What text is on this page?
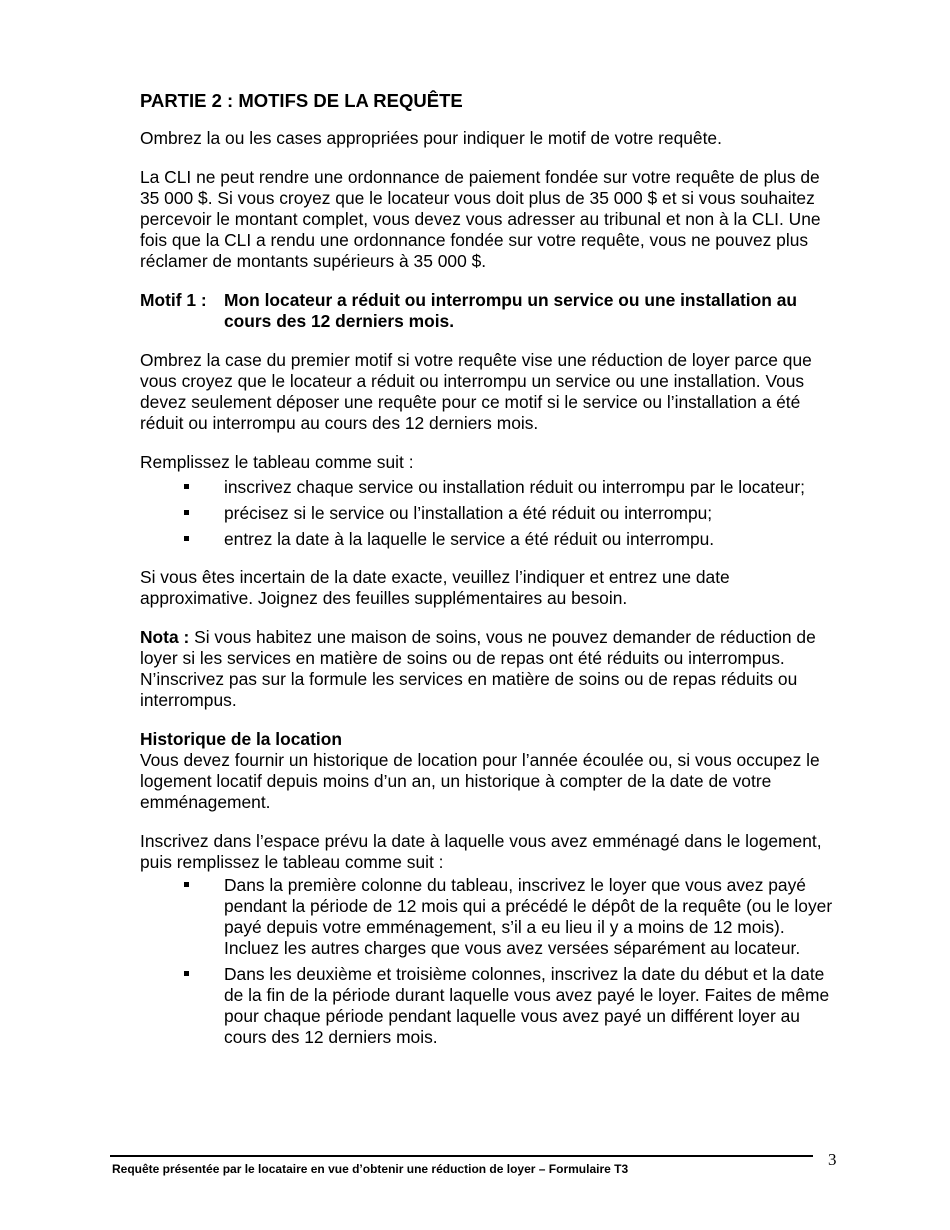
PARTIE 2 : MOTIFS DE LA REQUÊTE

Ombrez la ou les cases appropriées pour indiquer le motif de votre requête.

La CLI ne peut rendre une ordonnance de paiement fondée sur votre requête de plus de 35 000 $. Si vous croyez que le locateur vous doit plus de 35 000 $ et si vous souhaitez percevoir le montant complet, vous devez vous adresser au tribunal et non à la CLI. Une fois que la CLI a rendu une ordonnance fondée sur votre requête, vous ne pouvez plus réclamer de montants supérieurs à 35 000 $.

Motif 1 : Mon locateur a réduit ou interrompu un service ou une installation au cours des 12 derniers mois.

Ombrez la case du premier motif si votre requête vise une réduction de loyer parce que vous croyez que le locateur a réduit ou interrompu un service ou une installation. Vous devez seulement déposer une requête pour ce motif si le service ou l’installation a été réduit ou interrompu au cours des 12 derniers mois.

Remplissez le tableau comme suit :

inscrivez chaque service ou installation réduit ou interrompu par le locateur;
précisez si le service ou l’installation a été réduit ou interrompu;
entrez la date à la laquelle le service a été réduit ou interrompu.

Si vous êtes incertain de la date exacte, veuillez l’indiquer et entrez une date approximative. Joignez des feuilles supplémentaires au besoin.

Nota : Si vous habitez une maison de soins, vous ne pouvez demander de réduction de loyer si les services en matière de soins ou de repas ont été réduits ou interrompus. N’inscrivez pas sur la formule les services en matière de soins ou de repas réduits ou interrompus.

Historique de la location

Vous devez fournir un historique de location pour l’année écoulée ou, si vous occupez le logement locatif depuis moins d’un an, un historique à compter de la date de votre emménagement.

Inscrivez dans l’espace prévu la date à laquelle vous avez emménagé dans le logement, puis remplissez le tableau comme suit :

Dans la première colonne du tableau, inscrivez le loyer que vous avez payé pendant la période de 12 mois qui a précédé le dépôt de la requête (ou le loyer payé depuis votre emménagement, s’il a eu lieu il y a moins de 12 mois). Incluez les autres charges que vous avez versées séparément au locateur.
Dans les deuxième et troisième colonnes, inscrivez la date du début et la date de la fin de la période durant laquelle vous avez payé le loyer. Faites de même pour chaque période pendant laquelle vous avez payé un différent loyer au cours des 12 derniers mois.
Requête présentée par le locataire en vue d’obtenir une réduction de loyer – Formulaire T3	3
